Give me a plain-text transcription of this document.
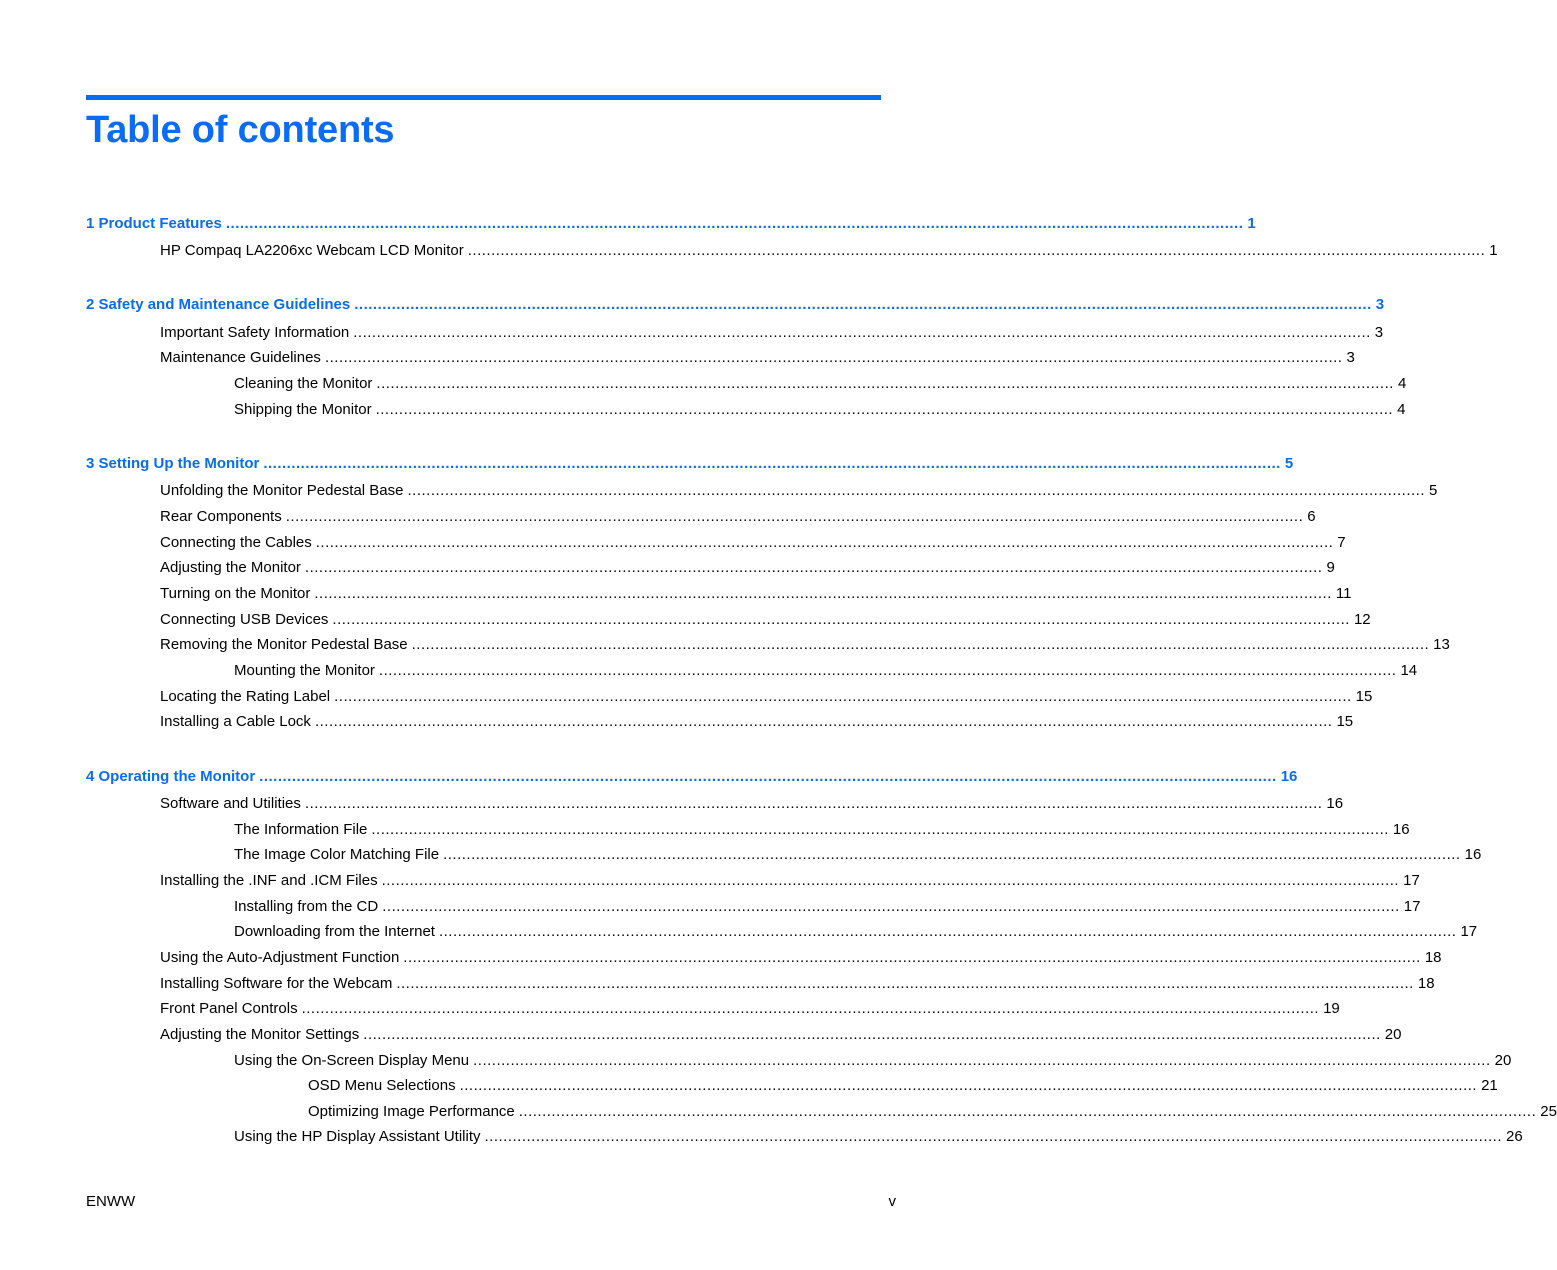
Table of contents
1 Product Features .......................................................................................................................................................................................................................... 1
HP Compaq LA2206xc Webcam LCD Monitor .......................................................................................................................................................................................................................... 1
2 Safety and Maintenance Guidelines .......................................................................................................................................................................................................................... 3
Important Safety Information .......................................................................................................................................................................................................................... 3
Maintenance Guidelines .......................................................................................................................................................................................................................... 3
Cleaning the Monitor .......................................................................................................................................................................................................................... 4
Shipping the Monitor .......................................................................................................................................................................................................................... 4
3 Setting Up the Monitor .......................................................................................................................................................................................................................... 5
Unfolding the Monitor Pedestal Base .......................................................................................................................................................................................................................... 5
Rear Components .......................................................................................................................................................................................................................... 6
Connecting the Cables .......................................................................................................................................................................................................................... 7
Adjusting the Monitor .......................................................................................................................................................................................................................... 9
Turning on the Monitor .......................................................................................................................................................................................................................... 11
Connecting USB Devices .......................................................................................................................................................................................................................... 12
Removing the Monitor Pedestal Base .......................................................................................................................................................................................................................... 13
Mounting the Monitor .......................................................................................................................................................................................................................... 14
Locating the Rating Label .......................................................................................................................................................................................................................... 15
Installing a Cable Lock .......................................................................................................................................................................................................................... 15
4 Operating the Monitor .......................................................................................................................................................................................................................... 16
Software and Utilities .......................................................................................................................................................................................................................... 16
The Information File .......................................................................................................................................................................................................................... 16
The Image Color Matching File .......................................................................................................................................................................................................................... 16
Installing the .INF and .ICM Files .......................................................................................................................................................................................................................... 17
Installing from the CD .......................................................................................................................................................................................................................... 17
Downloading from the Internet .......................................................................................................................................................................................................................... 17
Using the Auto-Adjustment Function .......................................................................................................................................................................................................................... 18
Installing Software for the Webcam .......................................................................................................................................................................................................................... 18
Front Panel Controls .......................................................................................................................................................................................................................... 19
Adjusting the Monitor Settings .......................................................................................................................................................................................................................... 20
Using the On-Screen Display Menu .......................................................................................................................................................................................................................... 20
OSD Menu Selections .......................................................................................................................................................................................................................... 21
Optimizing Image Performance .......................................................................................................................................................................................................................... 25
Using the HP Display Assistant Utility .......................................................................................................................................................................................................................... 26
ENWW	v
